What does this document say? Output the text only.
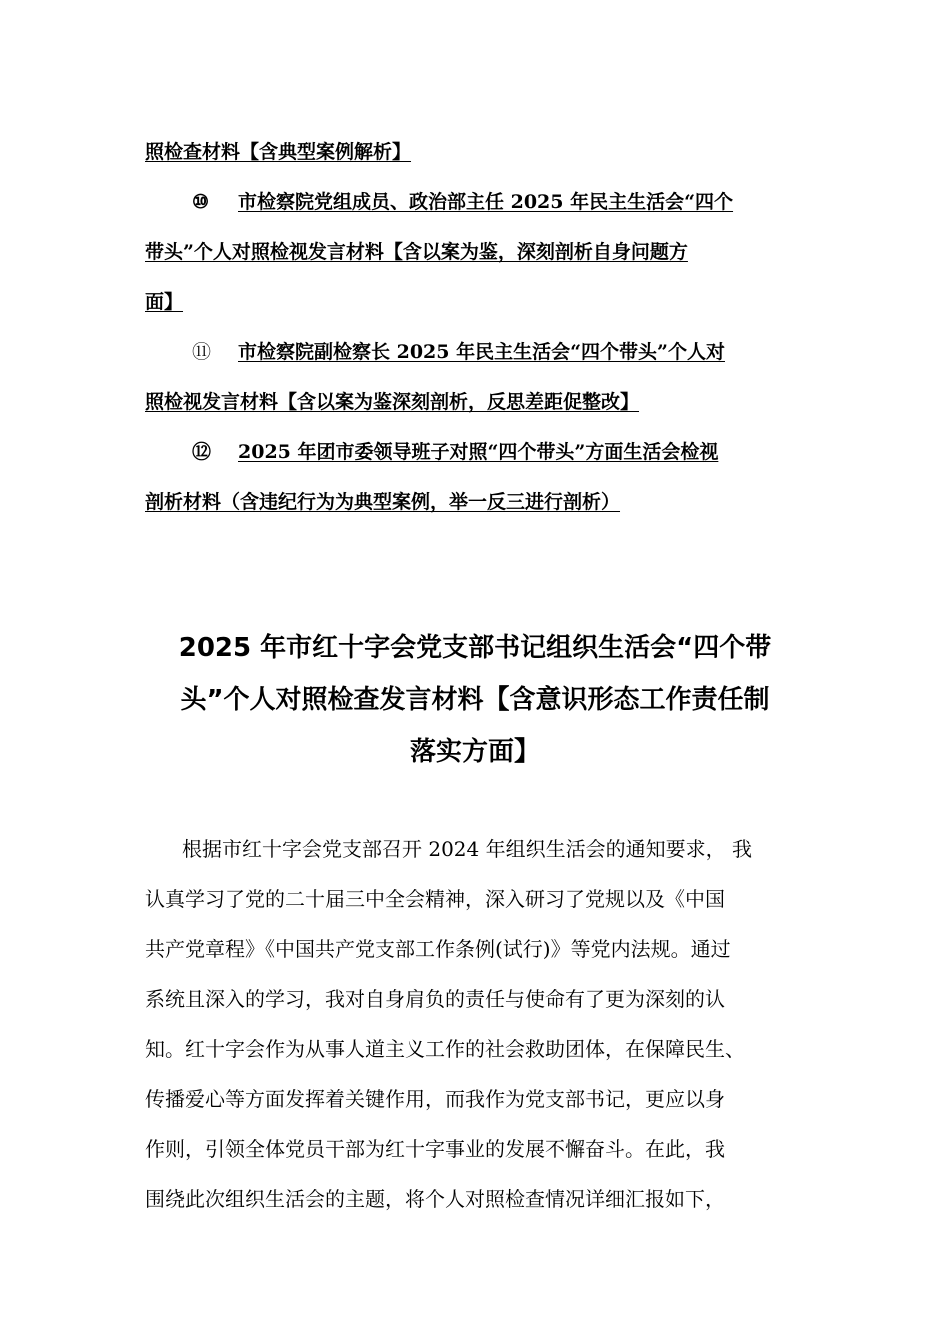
照检查材料【含典型案例解析】
⑩ 市检察院党组成员、政治部主任 2025 年民主生活会“四个
带头”个人对照检视发言材料【含以案为鉴，深刻剖析自身问题方
面】
⑪ 市检察院副检察长 2025 年民主生活会“四个带头”个人对
照检视发言材料【含以案为鉴深刻剖析，反思差距促整改】
⑫ 2025 年团市委领导班子对照“四个带头”方面生活会检视
剖析材料（含违纪行为为典型案例，举一反三进行剖析）
2025 年市红十字会党支部书记组织生活会“四个带
头”个人对照检查发言材料【含意识形态工作责任制
落实方面】
根据市红十字会党支部召开 2024 年组织生活会的通知要求， 我
认真学习了党的二十届三中全会精神，深入研习了党规以及《中国
共产党章程》《中国共产党支部工作条例(试行)》等党内法规。通过
系统且深入的学习，我对自身肩负的责任与使命有了更为深刻的认
知。红十字会作为从事人道主义工作的社会救助团体，在保障民生、
传播爱心等方面发挥着关键作用，而我作为党支部书记，更应以身
作则，引领全体党员干部为红十字事业的发展不懈奋斗。在此，我
围绕此次组织生活会的主题，将个人对照检查情况详细汇报如下，
